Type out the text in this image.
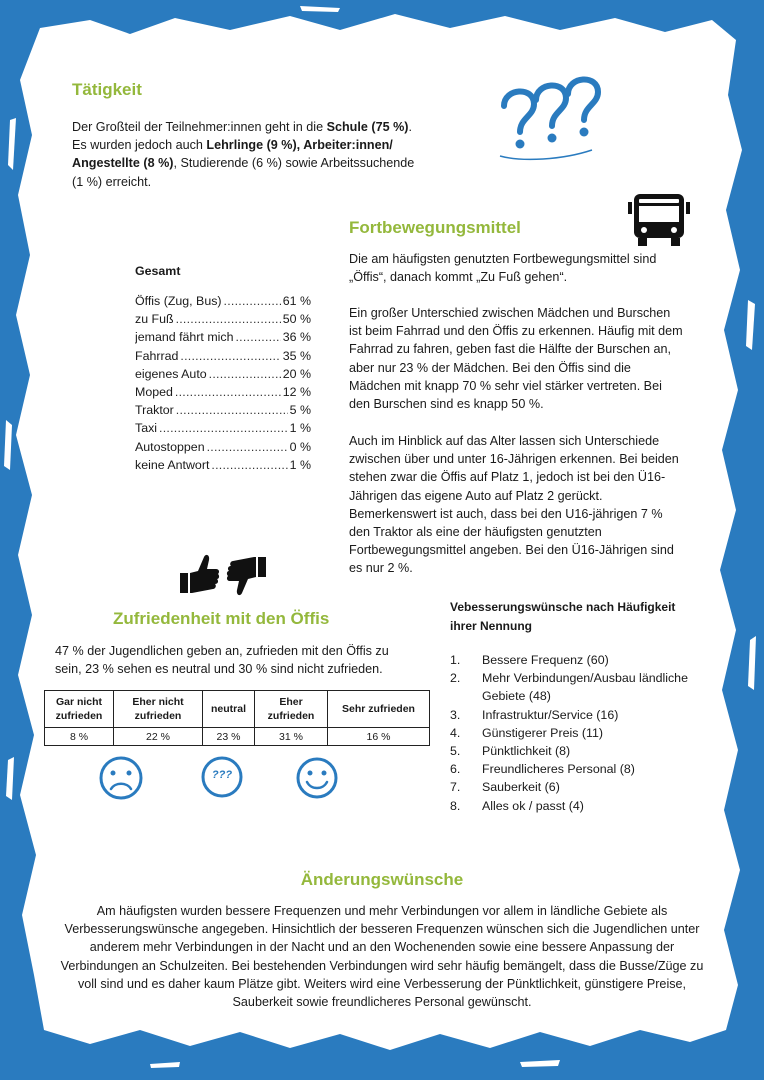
Tätigkeit
Der Großteil der Teilnehmer:innen geht in die Schule (75 %). Es wurden jedoch auch Lehrlinge (9 %), Arbeiter:innen/ Angestellte (8 %), Studierende (6 %) sowie Arbeitssuchende (1 %) erreicht.
Fortbewegungsmittel
Die am häufigsten genutzten Fortbewegungsmittel sind „Öffis“, danach kommt „Zu Fuß gehen“.
Ein großer Unterschied zwischen Mädchen und Burschen ist beim Fahrrad und den Öffis zu erkennen. Häufig mit dem Fahrrad zu fahren, geben fast die Hälfte der Burschen an, aber nur 23 % der Mädchen. Bei den Öffis sind die Mädchen mit knapp 70 % sehr viel stärker vertreten. Bei den Burschen sind es knapp 50 %.
Auch im Hinblick auf das Alter lassen sich Unterschiede zwischen über und unter 16-Jährigen erkennen. Bei beiden stehen zwar die Öffis auf Platz 1, jedoch ist bei den Ü16-Jährigen das eigene Auto auf Platz 2 gerückt. Bemerkenswert ist auch, dass bei den U16-jährigen 7 % den Traktor als eine der häufigsten genutzten Fortbewegungsmittel angeben. Bei den Ü16-Jährigen sind es nur 2 %.
Gesamt
Öffis (Zug, Bus) . . .	61 %
zu Fuß . . .	50 %
jemand fährt mich . . .	36 %
Fahrrad . . .	35 %
eigenes Auto . . .	20 %
Moped . . .	12 %
Traktor . . .	5 %
Taxi . . .	1 %
Autostoppen . . .	0 %
keine Antwort . . .	1 %
Zufriedenheit mit den Öffis
47 % der Jugendlichen geben an, zufrieden mit den Öffis zu sein, 23 % sehen es neutral und 30 % sind nicht zufrieden.
Gar nicht zufrieden	Eher nicht zufrieden	neutral	Eher zufrieden	Sehr zufrieden
8 %	22 %	23 %	31 %	16 %
???
Vebesserungswünsche nach Häufigkeit ihrer Nennung
1.	Bessere Frequenz (60)
2.	Mehr Verbindungen/Ausbau ländliche Gebiete (48)
3.	Infrastruktur/Service (16)
4.	Günstigerer Preis (11)
5.	Pünktlichkeit (8)
6.	Freundlicheres Personal (8)
7.	Sauberkeit (6)
8.	Alles ok / passt (4)
Änderungswünsche
Am häufigsten wurden bessere Frequenzen und mehr Verbindungen vor allem in ländliche Gebiete als Verbesserungswünsche angegeben. Hinsichtlich der besseren Frequenzen wünschen sich die Jugendlichen unter anderem mehr Verbindungen in der Nacht und an den Wochenenden sowie eine bessere Anpassung der Verbindungen an Schulzeiten. Bei bestehenden Verbindungen wird sehr häufig bemängelt, dass die Busse/Züge zu voll sind und es daher kaum Plätze gibt. Weiters wird eine Verbesserung der Pünktlichkeit, günstigere Preise, Sauberkeit sowie freundlicheres Personal gewünscht.
